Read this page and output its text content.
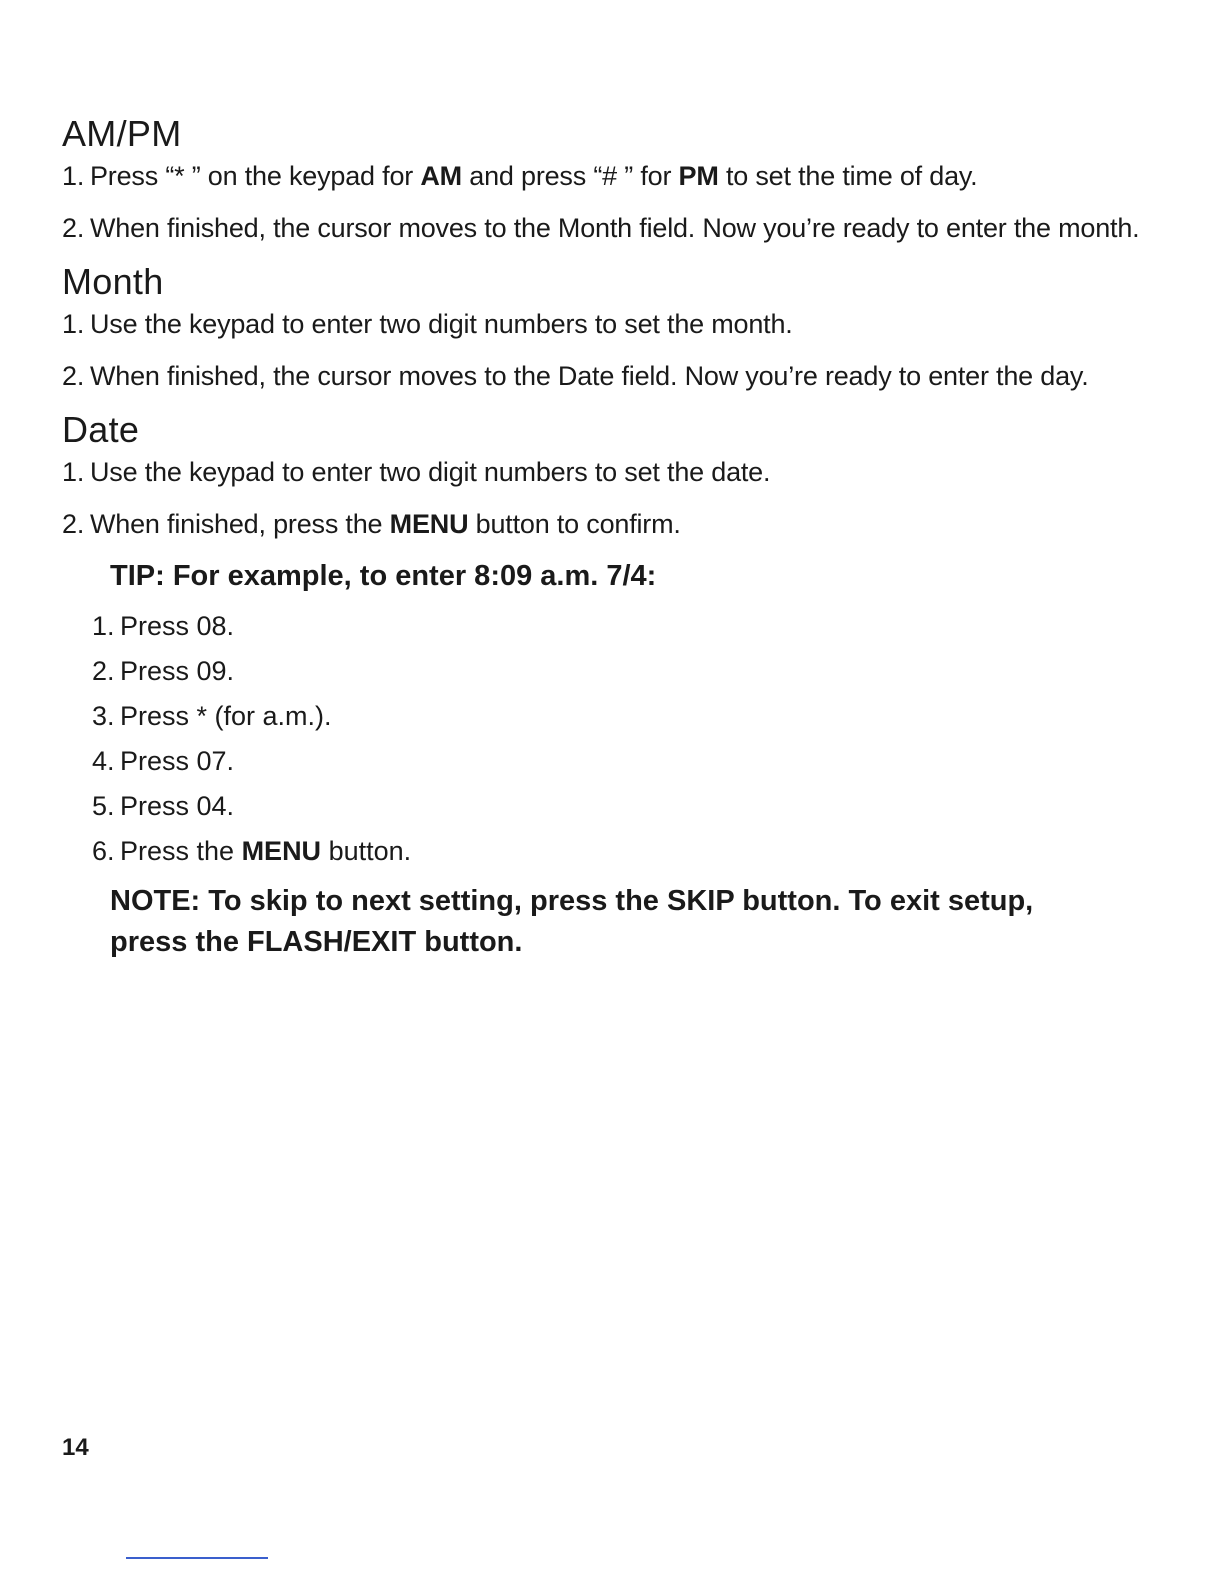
AM/PM
1. Press “* ” on the keypad for AM and press “# ” for PM to set the time of day.
2. When finished, the cursor moves to the Month field. Now you’re ready to enter the month.
Month
1. Use the keypad to enter two digit numbers to set the month.
2. When finished, the cursor moves to the Date field. Now you’re ready to enter the day.
Date
1. Use the keypad to enter two digit numbers to set the date.
2. When finished, press the MENU button to confirm.
TIP: For example, to enter 8:09 a.m. 7/4:
1. Press 08.
2. Press 09.
3. Press * (for a.m.).
4. Press 07.
5. Press 04.
6. Press the MENU button.
NOTE: To skip to next setting, press the SKIP button. To exit setup, press the FLASH/EXIT button.
14
